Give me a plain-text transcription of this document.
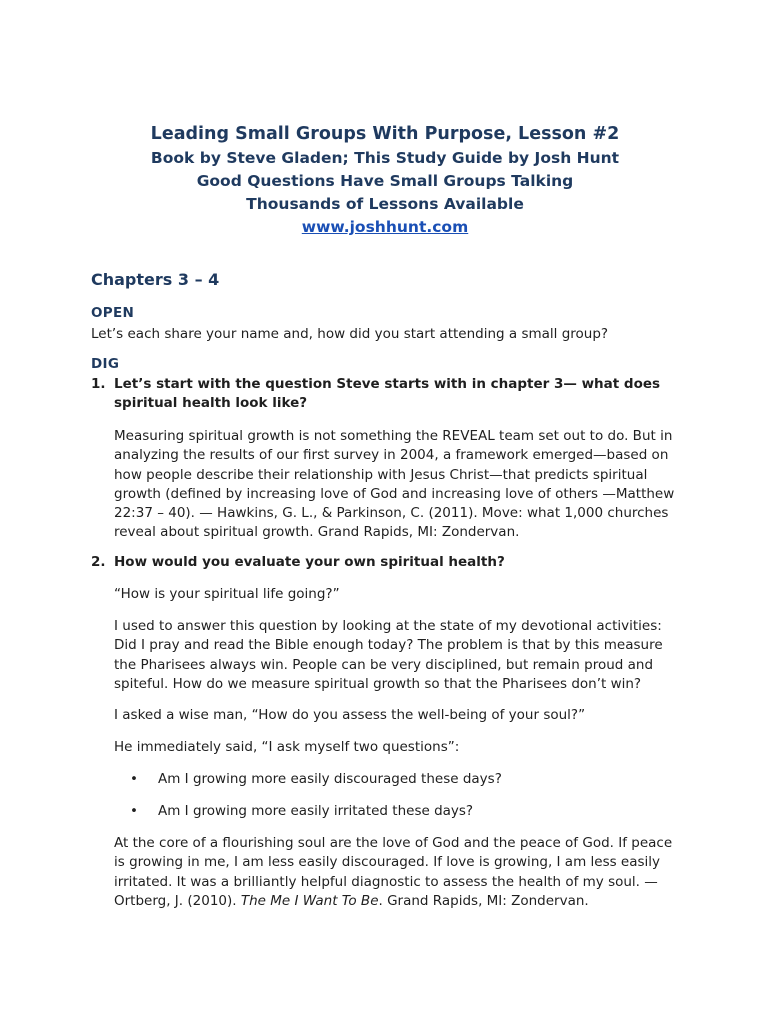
Leading Small Groups With Purpose, Lesson #2
Book by Steve Gladen; This Study Guide by Josh Hunt
Good Questions Have Small Groups Talking
Thousands of Lessons Available
www.joshhunt.com
Chapters 3 – 4
OPEN
Let’s each share your name and, how did you start attending a small group?
DIG
1. Let’s start with the question Steve starts with in chapter 3— what does spiritual health look like?
Measuring spiritual growth is not something the REVEAL team set out to do. But in analyzing the results of our first survey in 2004, a framework emerged—based on how people describe their relationship with Jesus Christ—that predicts spiritual growth (defined by increasing love of God and increasing love of others —Matthew 22:37 – 40). — Hawkins, G. L., & Parkinson, C. (2011). Move: what 1,000 churches reveal about spiritual growth. Grand Rapids, MI: Zondervan.
2. How would you evaluate your own spiritual health?
“How is your spiritual life going?”
I used to answer this question by looking at the state of my devotional activities: Did I pray and read the Bible enough today? The problem is that by this measure the Pharisees always win. People can be very disciplined, but remain proud and spiteful. How do we measure spiritual growth so that the Pharisees don’t win?
I asked a wise man, “How do you assess the well-being of your soul?”
He immediately said, “I ask myself two questions”:
• Am I growing more easily discouraged these days?
• Am I growing more easily irritated these days?
At the core of a flourishing soul are the love of God and the peace of God. If peace is growing in me, I am less easily discouraged. If love is growing, I am less easily irritated. It was a brilliantly helpful diagnostic to assess the health of my soul. — Ortberg, J. (2010). The Me I Want To Be. Grand Rapids, MI: Zondervan.
